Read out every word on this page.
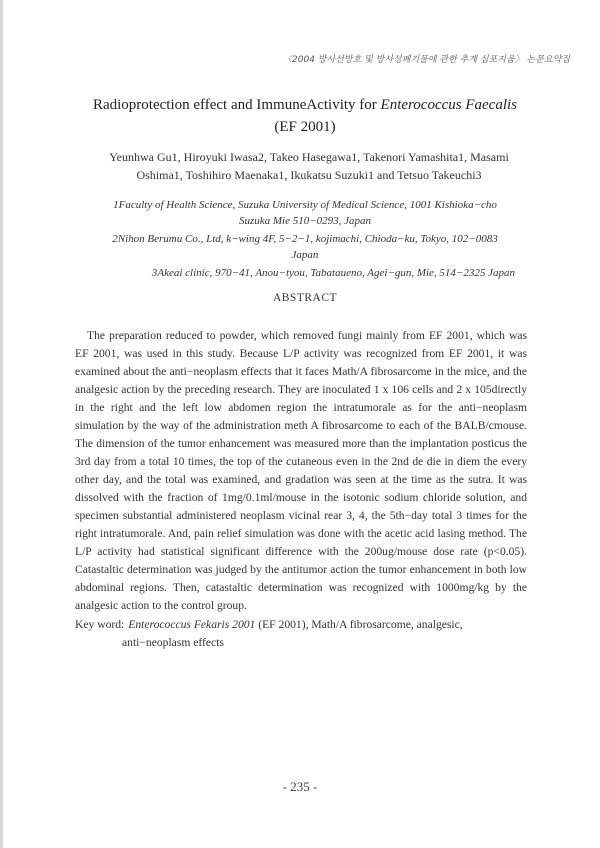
〈2004 방사선방호 및 방사성폐기물에 관한 추계 심포지움〉 논문요약집
Radioprotection effect and ImmuneActivity for Enterococcus Faecalis
(EF 2001)
Yeunhwa Gu1, Hiroyuki Iwasa2, Takeo Hasegawa1, Takenori Yamashita1, Masami
Oshima1, Toshihiro Maenaka1, Ikukatsu Suzuki1 and Tetsuo Takeuchi3
1Faculty of Health Science, Suzuka University of Medical Science, 1001 Kishioka−cho
Suzuka Mie 510−0293, Japan
2Nihon Berumu Co., Ltd, k−wing 4F, 5−2−1, kojimachi, Chioda−ku, Tokyo, 102−0083
Japan
3Akeai clinic, 970−41, Anou−tyou, Tabataueno, Agei−gun, Mie, 514−2325 Japan
ABSTRACT
The preparation reduced to powder, which removed fungi mainly from EF 2001, which was EF 2001, was used in this study. Because L/P activity was recognized from EF 2001, it was examined about the anti−neoplasm effects that it faces Math/A fibrosarcome in the mice, and the analgesic action by the preceding research. They are inoculated 1 x 106 cells and 2 x 105directly in the right and the left low abdomen region the intratumorale as for the anti−neoplasm simulation by the way of the administration meth A fibrosarcome to each of the BALB/cmouse. The dimension of the tumor enhancement was measured more than the implantation posticus the 3rd day from a total 10 times, the top of the cutaneous even in the 2nd de die in diem the every other day, and the total was examined, and gradation was seen at the time as the sutra. It was dissolved with the fraction of 1mg/0.1ml/mouse in the isotonic sodium chloride solution, and specimen substantial administered neoplasm vicinal rear 3, 4, the 5th−day total 3 times for the right intratumorale. And, pain relief simulation was done with the acetic acid lasing method. The L/P activity had statistical significant difference with the 200ug/mouse dose rate (p<0.05). Catastaltic determination was judged by the antitumor action the tumor enhancement in both low abdominal regions. Then, catastaltic determination was recognized with 1000mg/kg by the analgesic action to the control group.
Key word: Enterococcus Fekaris 2001 (EF 2001), Math/A fibrosarcome, analgesic,
anti−neoplasm effects
- 235 -
